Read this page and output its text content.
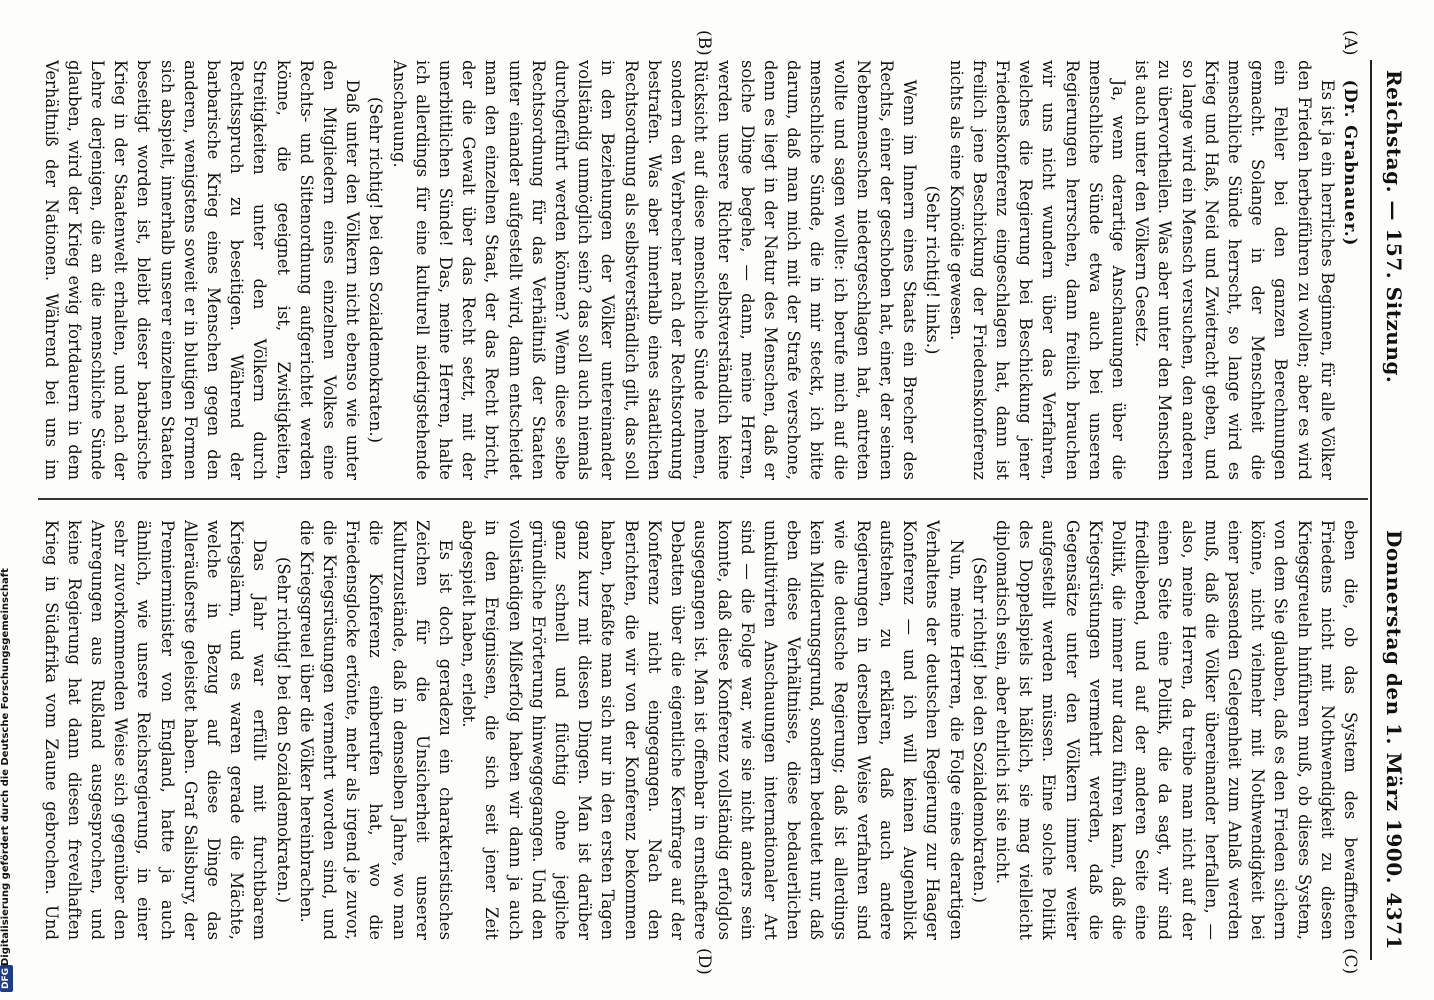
Reichstag. — 157. Sitzung.
Donnerstag den 1. März 1900.
4371
(A)
(B)
(C)
(D)

(Dr. Grabnauer.)

Es ist ja ein herrliches Beginnen, für alle Völker den Frieden herbeiführen zu wollen; aber es wird ein Fehler bei den ganzen Berechnungen gemacht. Solange in der Menschheit die menschliche Sünde herrscht, so lange wird es Krieg und Haß, Neid und Zwietracht geben, und so lange wird ein Mensch versuchen, den anderen zu übervortheilen. Was aber unter den Menschen ist auch unter den Völkern Gesetz.

Ja, wenn derartige Anschauungen über die menschliche Sünde etwa auch bei unseren Regierungen herrschen, dann freilich brauchen wir uns nicht wundern über das Verfahren, welches die Regierung bei Beschickung jener Friedenskonferenz eingeschlagen hat, dann ist freilich jene Beschickung der Friedenskonferenz nichts als eine Komödie gewesen.

(Sehr richtig! links.)

Wenn im Innern eines Staats ein Brecher des Rechts, einer der geschoben hat, einer, der seinen Nebenmenschen niedergeschlagen hat, antreten wollte und sagen wollte: ich berufe mich auf die menschliche Sünde, die in mir steckt, ich bitte darum, daß man mich mit der Strafe verschone, denn es liegt in der Natur des Menschen, daß er solche Dinge begehe, — dann, meine Herren, werden unsere Richter selbstverständlich keine Rücksicht auf diese menschliche Sünde nehmen, sondern den Verbrecher nach der Rechtsordnung bestrafen. Was aber innerhalb eines staatlichen Rechtsordnung als selbstverständlich gilt, das soll in den Beziehungen der Völker untereinander vollständig unmöglich sein? das soll auch niemals durchgeführt werden können? Wenn diese selbe Rechtsordnung für das Verhältniß der Staaten unter einander aufgestellt wird, dann entscheidet man den einzelnen Staat, der das Recht bricht, der die Gewalt über das Recht setzt, mit der unerbittlichen Sünde! Das, meine Herren, halte ich allerdings für eine kulturell niedrigstehende Anschauung.

(Sehr richtig! bei den Sozialdemokraten.)

Daß unter den Völkern nicht ebenso wie unter den Mitgliedern eines einzelnen Volkes eine Rechts- und Sittenordnung aufgerichtet werden könne, die geeignet ist, Zwistigkeiten, Streitigkeiten unter den Völkern durch Rechtsspruch zu beseitigen. Während der barbarische Krieg eines Menschen gegen den anderen, wenigstens soweit er in blutigen Formen sich abspielt, innerhalb unserer einzelnen Staaten beseitigt worden ist, bleibt dieser barbarische Krieg in der Staatenwelt erhalten, und nach der Lehre derjenigen, die an die menschliche Sünde glauben, wird der Krieg ewig fortdauern in dem Verhältniß der Nationen. Während bei uns im

eben die, ob das System des bewaffneten Friedens nicht mit Nothwendigkeit zu diesen Kriegsgreueln hinführen muß, ob dieses System, von dem Sie glauben, daß es den Frieden sichern könne, nicht vielmehr mit Nothwendigkeit bei einer passenden Gelegenheit zum Anlaß werden muß, daß die Völker übereinander herfallen, — also, meine Herren, da treibe man nicht auf der einen Seite eine Politik, die da sagt, wir sind friedliebend, und auf der anderen Seite eine Politik, die immer nur dazu führen kann, daß die Kriegsrüstungen vermehrt werden, daß die Gegensätze unter den Völkern immer weiter aufgestellt werden müssen. Eine solche Politik des Doppelspiels ist häßlich, sie mag vielleicht diplomatisch sein, aber ehrlich ist sie nicht.

(Sehr richtig! bei den Sozialdemokraten.)

Nun, meine Herren, die Folge eines derartigen Verhaltens der deutschen Regierung zur Haager Konferenz — und ich will keinen Augenblick aufstehen, zu erklären, daß auch andere Regierungen in derselben Weise verfahren sind wie die deutsche Regierung; daß ist allerdings kein Milderungsgrund, sondern bedeutet nur, daß eben diese Verhältnisse, diese bedauerlichen unkultivirten Anschauungen internationaler Art sind — die Folge war, wie sie nicht anders sein konnte, daß diese Konferenz vollständig erfolglos ausgegangen ist. Man ist offenbar in ernsthaftere Debatten über die eigentliche Kernfrage auf der Konferenz nicht eingegangen. Nach den Berichten, die wir von der Konferenz bekommen haben, befaßte man sich nur in den ersten Tagen ganz kurz mit diesen Dingen. Man ist darüber ganz schnell und flüchtig ohne jegliche gründliche Erörterung hinweggegangen. Und den vollständigen Mißerfolg haben wir dann ja auch in den Ereignissen, die sich seit jener Zeit abgespielt haben, erlebt.

Es ist doch geradezu ein charakteristisches Zeichen für die Unsicherheit unserer Kulturzustände, daß in demselben Jahre, wo man die Konferenz einberufen hat, wo die Friedensglocke ertönte, mehr als irgend je zuvor, die Kriegsrüstungen vermehrt worden sind, und die Kriegsgreuel über die Völker hereinbrachen.

(Sehr richtig! bei den Sozialdemokraten.)

Das Jahr war erfüllt mit furchtbarem Kriegslärm, und es waren gerade die Mächte, welche in Bezug auf diese Dinge das Alleräußerste geleistet haben. Graf Salisbury, der Premierminister von England, hatte ja auch ähnlich, wie unsere Reichsregierung, in einer sehr zuvorkommenden Weise sich gegenüber den Anregungen aus Rußland ausgesprochen, und keine Regierung hat dann diesen frevelhaften Krieg in Südafrika vom Zaune gebrochen. Und

DFG
Digitalisierung gefördert durch die Deutsche Forschungsgemeinschaft
